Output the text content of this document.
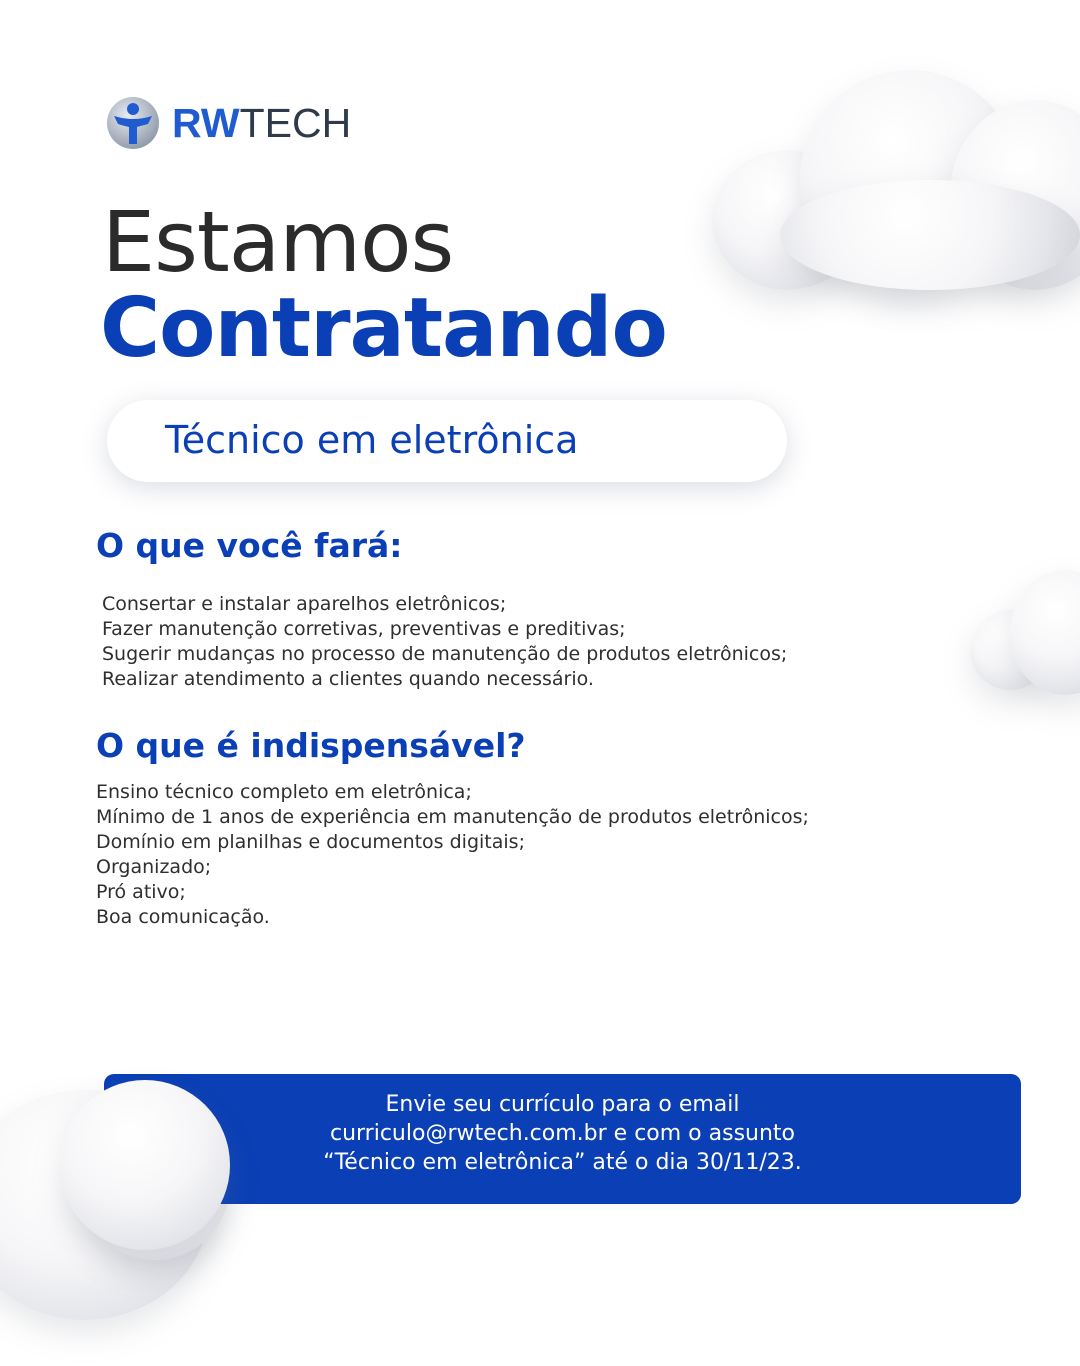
RWTECH
Estamos
Contratando
Técnico em eletrônica
O que você fará:
Consertar e instalar aparelhos eletrônicos;
Fazer manutenção corretivas, preventivas e preditivas;
Sugerir mudanças no processo de manutenção de produtos eletrônicos;
Realizar atendimento a clientes quando necessário.
O que é indispensável?
Ensino técnico completo em eletrônica;
Mínimo de 1 anos de experiência em manutenção de produtos eletrônicos;
Domínio em planilhas e documentos digitais;
Organizado;
Pró ativo;
Boa comunicação.
Envie seu currículo para o email
curriculo@rwtech.com.br e com o assunto
“Técnico em eletrônica” até o dia 30/11/23.
